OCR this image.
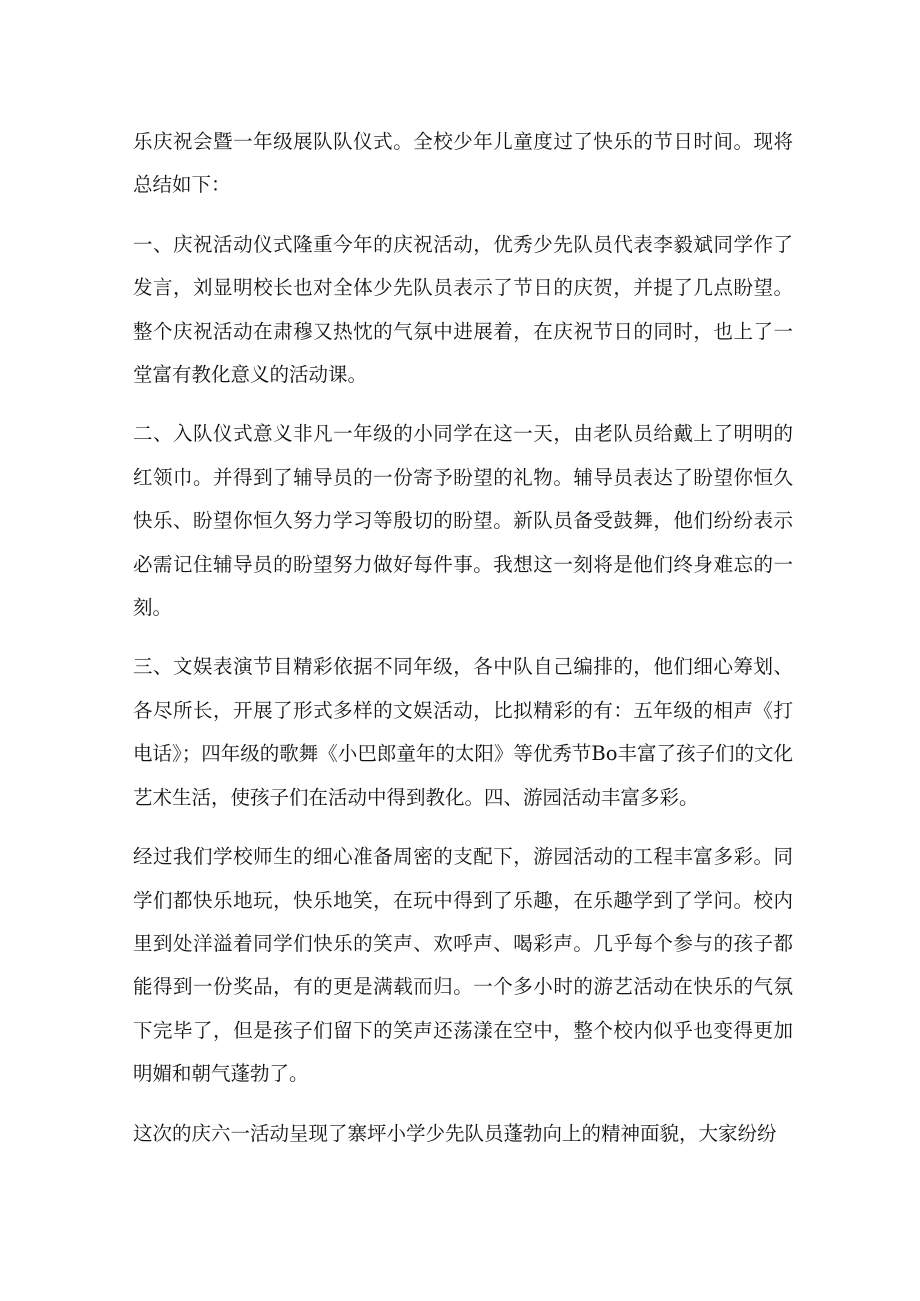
乐庆祝会暨一年级展队队仪式。全校少年儿童度过了快乐的节日时间。现将总结如下：

一、庆祝活动仪式隆重今年的庆祝活动，优秀少先队员代表李毅斌同学作了发言，刘显明校长也对全体少先队员表示了节日的庆贺，并提了几点盼望。整个庆祝活动在肃穆又热忱的气氛中进展着，在庆祝节日的同时，也上了一堂富有教化意义的活动课。

二、入队仪式意义非凡一年级的小同学在这一天，由老队员给戴上了明明的红领巾。并得到了辅导员的一份寄予盼望的礼物。辅导员表达了盼望你恒久快乐、盼望你恒久努力学习等殷切的盼望。新队员备受鼓舞，他们纷纷表示必需记住辅导员的盼望努力做好每件事。我想这一刻将是他们终身难忘的一刻。

三、文娱表演节目精彩依据不同年级，各中队自己编排的，他们细心筹划、各尽所长，开展了形式多样的文娱活动，比拟精彩的有：五年级的相声《打电话》；四年级的歌舞《小巴郎童年的太阳》等优秀节Bo丰富了孩子们的文化艺术生活，使孩子们在活动中得到教化。四、游园活动丰富多彩。

经过我们学校师生的细心准备周密的支配下，游园活动的工程丰富多彩。同学们都快乐地玩，快乐地笑，在玩中得到了乐趣，在乐趣学到了学问。校内里到处洋溢着同学们快乐的笑声、欢呼声、喝彩声。几乎每个参与的孩子都能得到一份奖品，有的更是满载而归。一个多小时的游艺活动在快乐的气氛下完毕了，但是孩子们留下的笑声还荡漾在空中，整个校内似乎也变得更加明媚和朝气蓬勃了。

这次的庆六一活动呈现了寨坪小学少先队员蓬勃向上的精神面貌，大家纷纷
